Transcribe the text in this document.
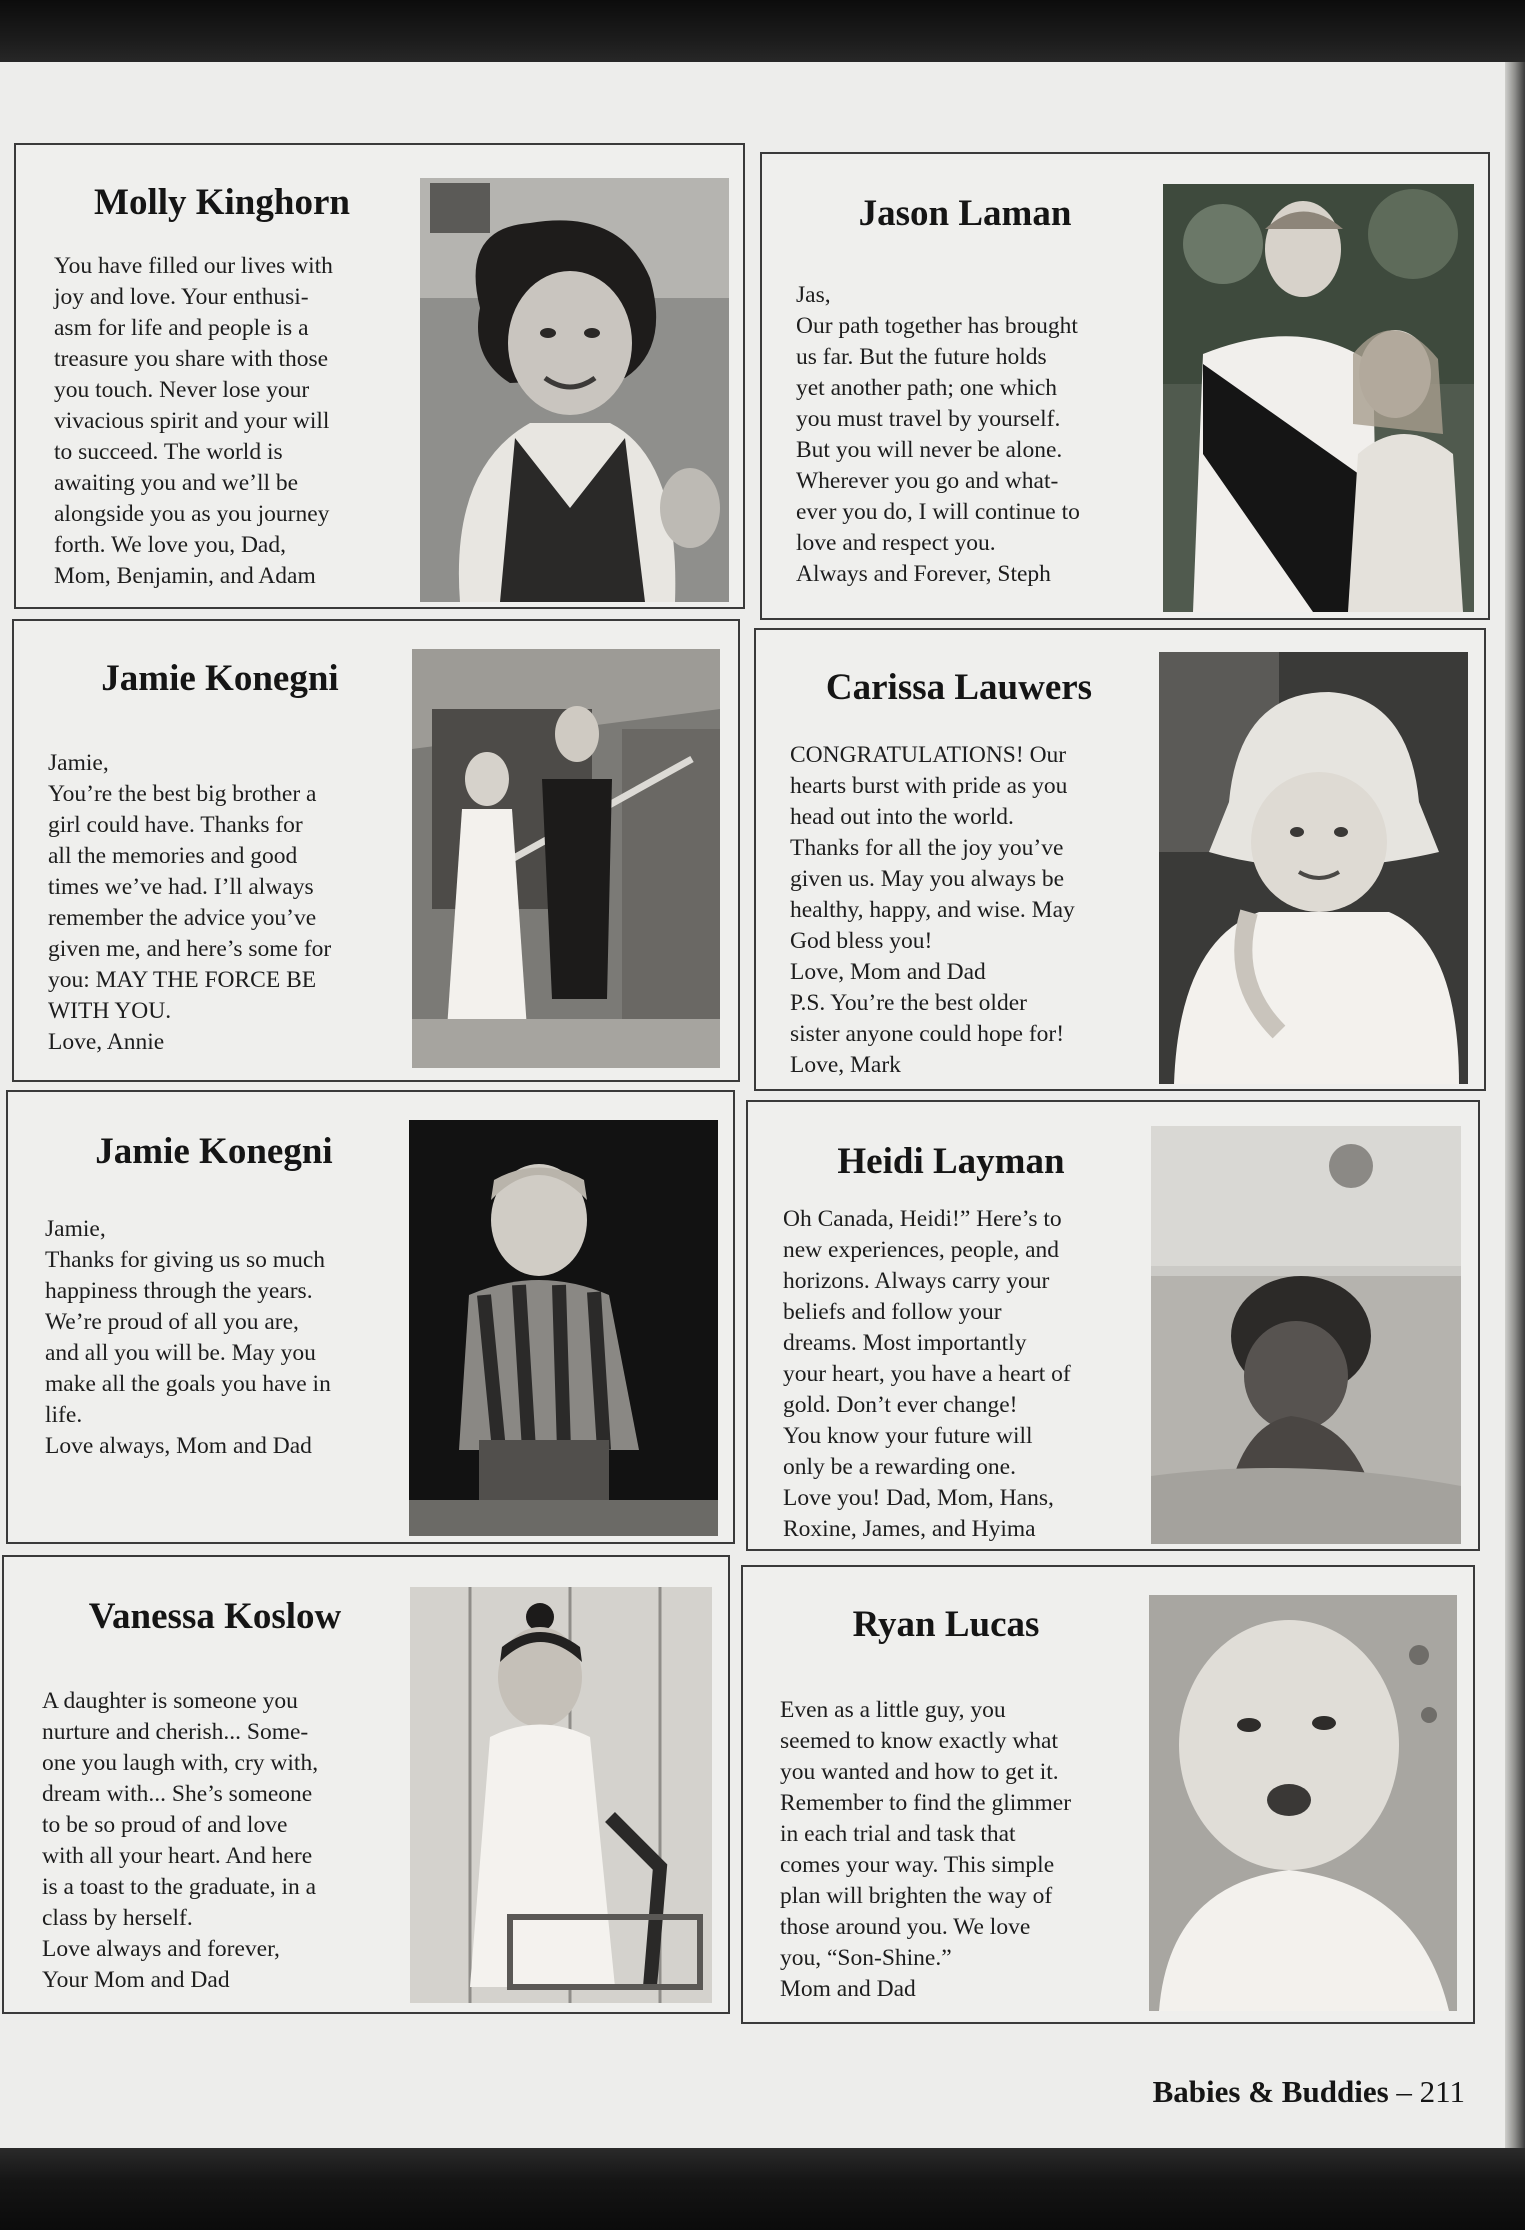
Molly Kinghorn

You have filled our lives with
joy and love. Your enthusi-
asm for life and people is a
treasure you share with those
you touch. Never lose your
vivacious spirit and your will
to succeed. The world is
awaiting you and we’ll be
alongside you as you journey
forth. We love you, Dad,
Mom, Benjamin, and Adam

Jason Laman

Jas,
Our path together has brought
us far. But the future holds
yet another path; one which
you must travel by yourself.
But you will never be alone.
Wherever you go and what-
ever you do, I will continue to
love and respect you.
Always and Forever, Steph

Jamie Konegni

Jamie,
You’re the best big brother a
girl could have. Thanks for
all the memories and good
times we’ve had. I’ll always
remember the advice you’ve
given me, and here’s some for
you: MAY THE FORCE BE
WITH YOU.
Love, Annie

Carissa Lauwers

CONGRATULATIONS! Our
hearts burst with pride as you
head out into the world.
Thanks for all the joy you’ve
given us. May you always be
healthy, happy, and wise. May
God bless you!
Love, Mom and Dad
P.S. You’re the best older
sister anyone could hope for!
Love, Mark

Jamie Konegni

Jamie,
Thanks for giving us so much
happiness through the years.
We’re proud of all you are,
and all you will be. May you
make all the goals you have in
life.
Love always, Mom and Dad

Heidi Layman

Oh Canada, Heidi!” Here’s to
new experiences, people, and
horizons. Always carry your
beliefs and follow your
dreams. Most importantly
your heart, you have a heart of
gold. Don’t ever change!
You know your future will
only be a rewarding one.
Love you! Dad, Mom, Hans,
Roxine, James, and Hyima

Vanessa Koslow

A daughter is someone you
nurture and cherish... Some-
one you laugh with, cry with,
dream with... She’s someone
to be so proud of and love
with all your heart. And here
is a toast to the graduate, in a
class by herself.
Love always and forever,
Your Mom and Dad

Ryan Lucas

Even as a little guy, you
seemed to know exactly what
you wanted and how to get it.
Remember to find the glimmer
in each trial and task that
comes your way. This simple
plan will brighten the way of
those around you. We love
you, “Son-Shine.”
Mom and Dad

Babies & Buddies – 211
